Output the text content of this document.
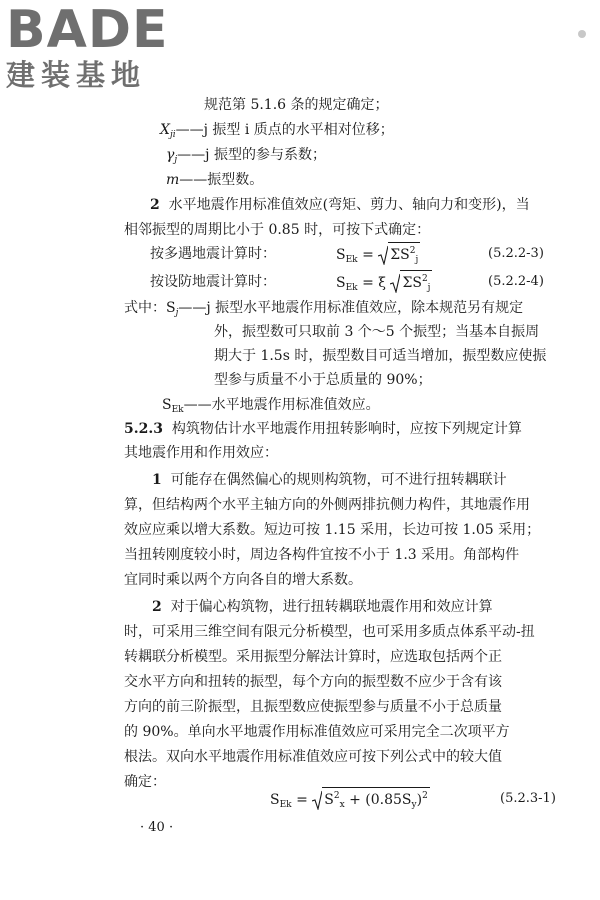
BADE
建装基地
规范第 5.1.6 条的规定确定；
$X_{ji}——j$ 振型 i 质点的水平相对位移；
$\gamma_j——j$ 振型的参与系数；
m——振型数。
2 水平地震作用标准值效应(弯矩、剪力、轴向力和变形)，当
相邻振型的周期比小于 0.85 时，可按下式确定：
按多遇地震计算时：	$S_{Ek} = \Sigma S^2_j$	(5.2.2-3)
按设防地震计算时：	$S_{Ek} = \xi$ $\Sigma S^2_j$	(5.2.2-4)
式中：$S_j——j$ 振型水平地震作用标准值效应，除本规范另有规定
外，振型数可只取前 3 个～5 个振型；当基本自振周
期大于 1.5s 时，振型数目可适当增加，振型数应使振
型参与质量不小于总质量的 90%；
$S_{Ek}——$水平地震作用标准值效应。
5.2.3 构筑物估计水平地震作用扭转影响时，应按下列规定计算
其地震作用和作用效应：
1 可能存在偶然偏心的规则构筑物，可不进行扭转耦联计
算，但结构两个水平主轴方向的外侧两排抗侧力构件，其地震作用
效应应乘以增大系数。短边可按 1.15 采用，长边可按 1.05 采用；
当扭转刚度较小时，周边各构件宜按不小于 1.3 采用。角部构件
宜同时乘以两个方向各自的增大系数。
2 对于偏心构筑物，进行扭转耦联地震作用和效应计算
时，可采用三维空间有限元分析模型，也可采用多质点体系平动-扭
转耦联分析模型。采用振型分解法计算时，应选取包括两个正
交水平方向和扭转的振型，每个方向的振型数不应少于含有该
方向的前三阶振型，且振型数应使振型参与质量不小于总质量
的 90%。单向水平地震作用标准值效应可采用完全二次项平方
根法。双向水平地震作用标准值效应可按下列公式中的较大值
确定：
$S_{Ek} = S^2_x + (0.85S_y)^2$	(5.2.3-1)
· 40 ·
